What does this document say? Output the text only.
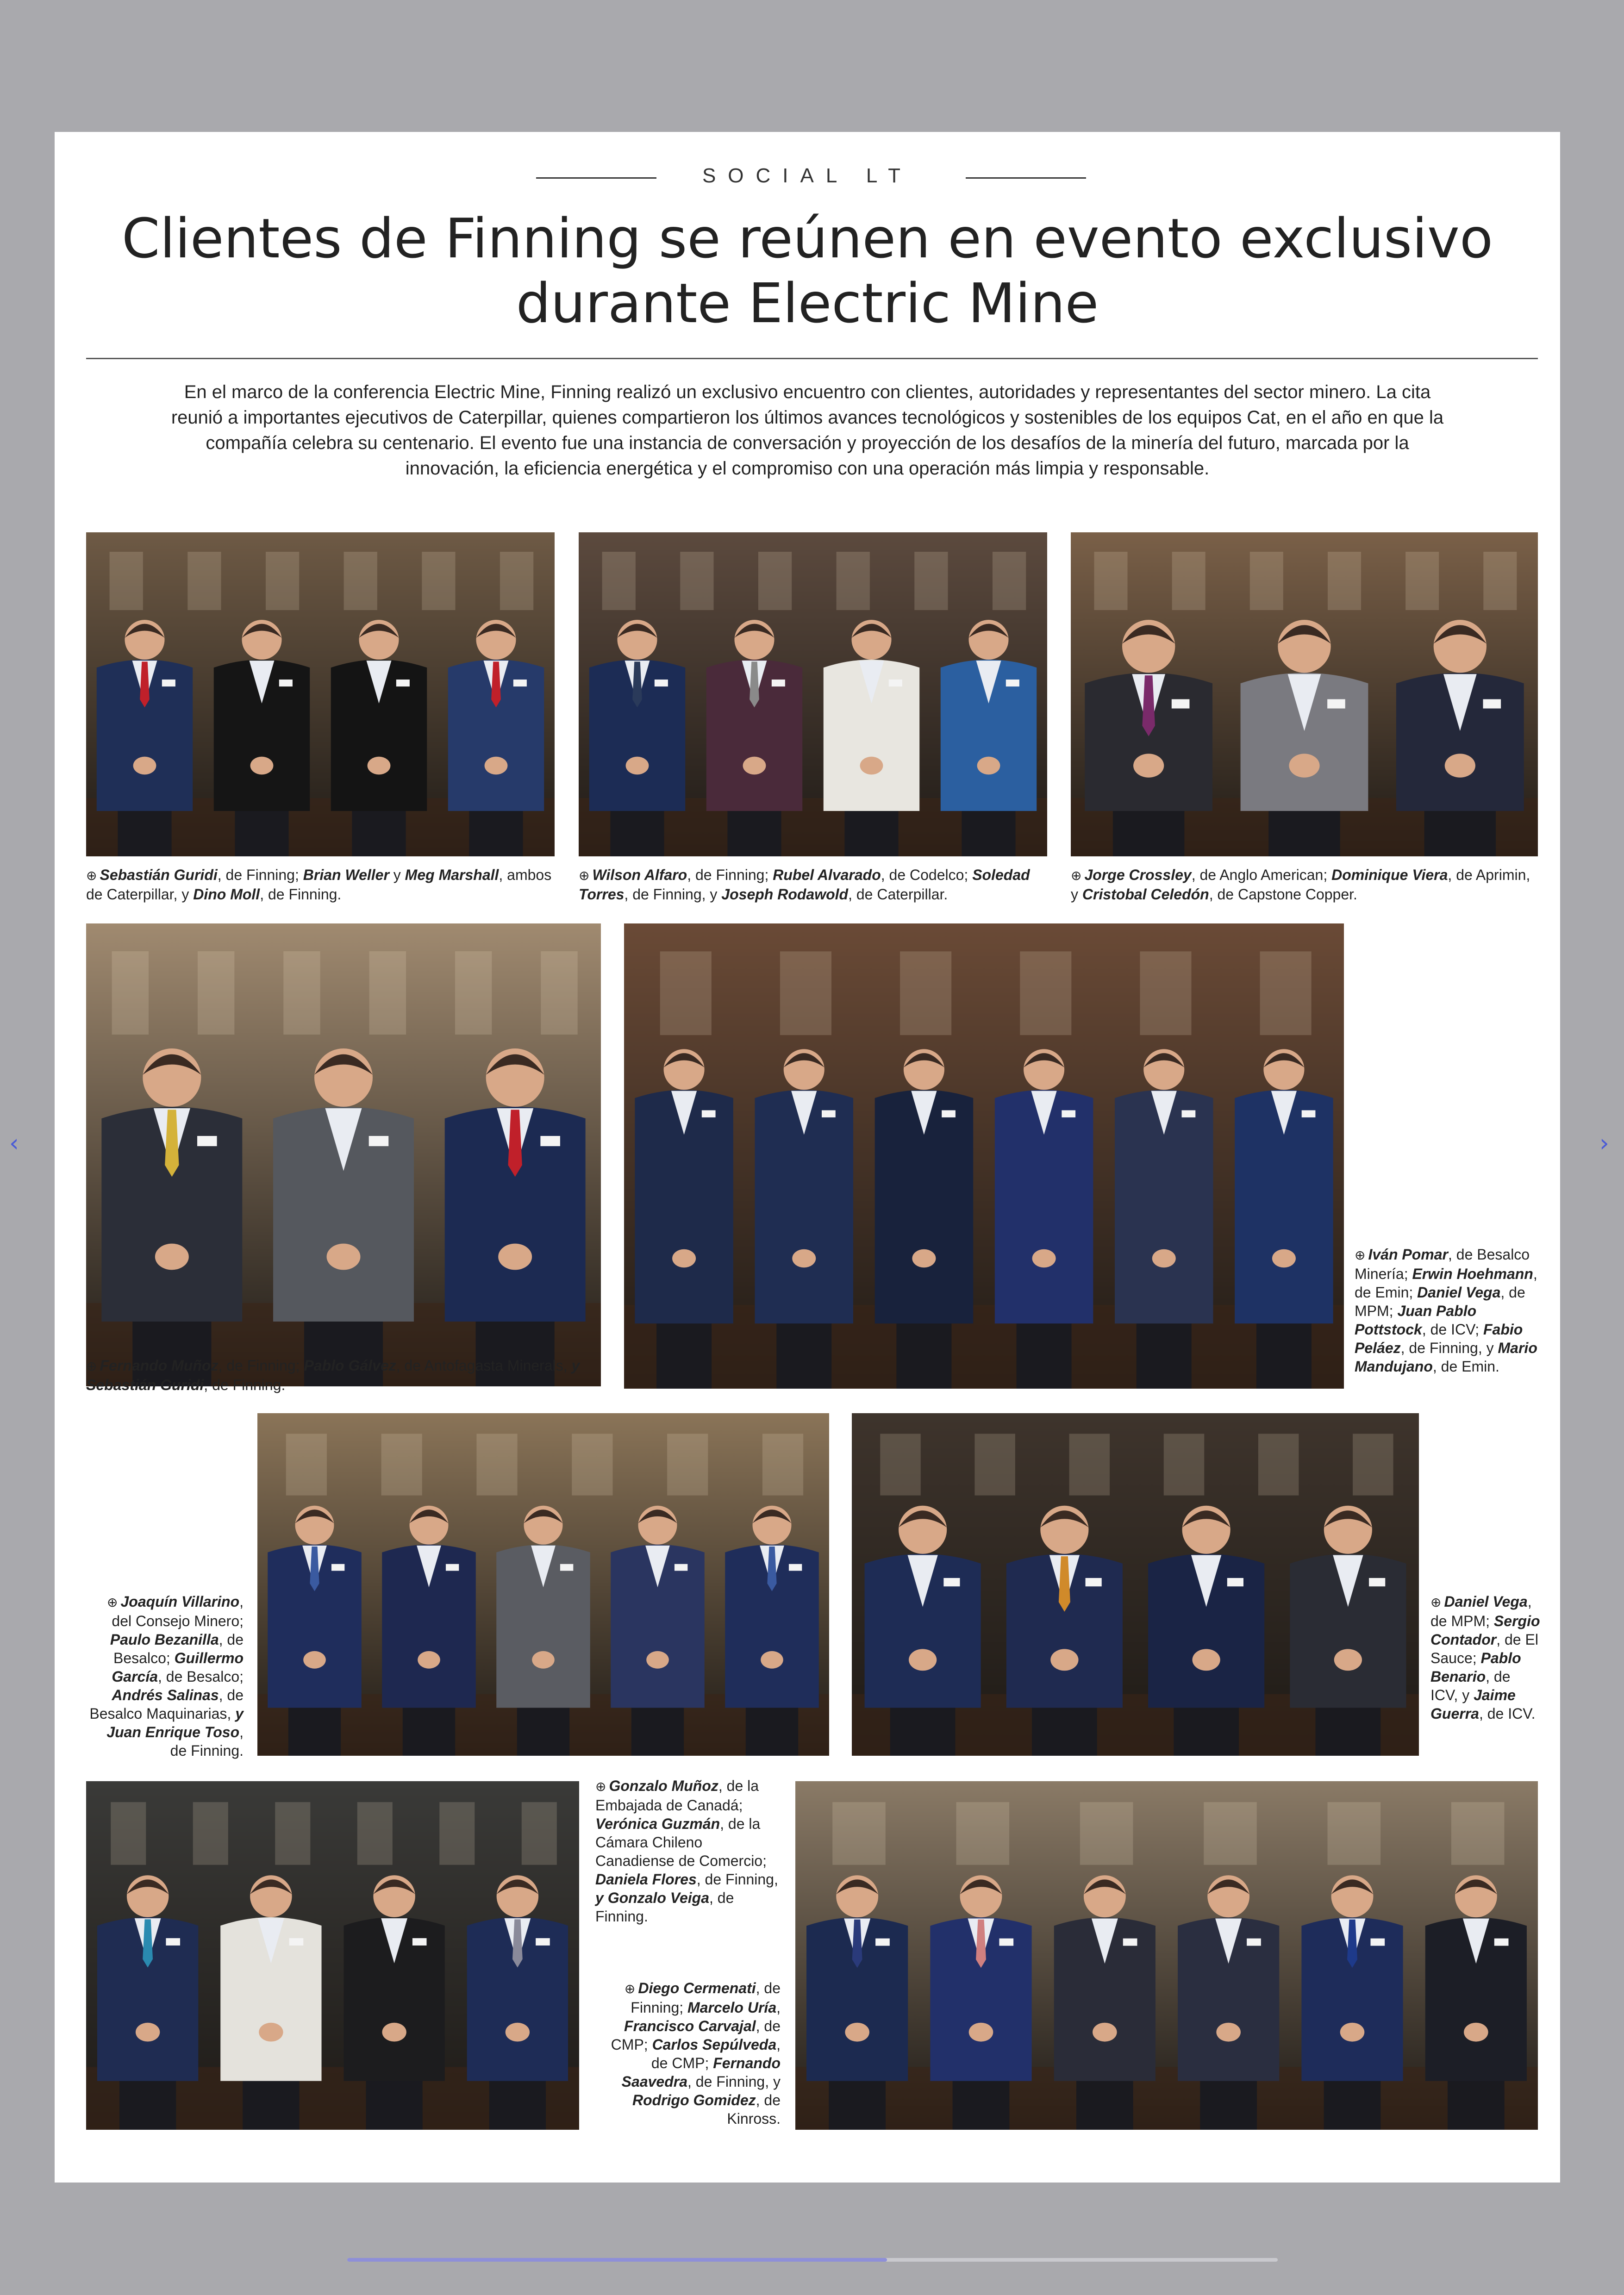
SOCIAL LT
Clientes de Finning se reúnen en evento exclusivo
durante Electric Mine
En el marco de la conferencia Electric Mine, Finning realizó un exclusivo encuentro con clientes, autoridades y representantes del sector minero. La cita reunió a importantes ejecutivos de Caterpillar, quienes compartieron los últimos avances tecnológicos y sostenibles de los equipos Cat, en el año en que la compañía celebra su centenario. El evento fue una instancia de conversación y proyección de los desafíos de la minería del futuro, marcada por la innovación, la eficiencia energética y el compromiso con una operación más limpia y responsable.
⊕ Sebastián Guridi, de Finning; Brian Weller y Meg Marshall, ambos de Caterpillar, y Dino Moll, de Finning.
⊕ Wilson Alfaro, de Finning; Rubel Alvarado, de Codelco; Soledad Torres, de Finning, y Joseph Rodawold, de Caterpillar.
⊕ Jorge Crossley, de Anglo American; Dominique Viera, de Aprimin, y Cristobal Celedón, de Capstone Copper.
⊕ Fernando Muñoz, de Finning; Pablo Gálvez, de Antofagasta Minerals, y Sebastián Guridi, de Finning.
⊕ Iván Pomar, de Besalco Minería; Erwin Hoehmann, de Emin; Daniel Vega, de MPM; Juan Pablo Pottstock, de ICV; Fabio Peláez, de Finning, y Mario Mandujano, de Emin.
⊕ Joaquín Villarino, del Consejo Minero; Paulo Bezanilla, de Besalco; Guillermo García, de Besalco; Andrés Salinas, de Besalco Maquinarias, y Juan Enrique Toso, de Finning.
⊕ Daniel Vega, de MPM; Sergio Contador, de El Sauce; Pablo Benario, de ICV, y Jaime Guerra, de ICV.
⊕ Gonzalo Muñoz, de la Embajada de Canadá; Verónica Guzmán, de la Cámara Chileno Canadiense de Comercio; Daniela Flores, de Finning, y Gonzalo Veiga, de Finning.
⊕ Diego Cermenati, de Finning; Marcelo Uría, Francisco Carvajal, de CMP; Carlos Sepúlveda, de CMP; Fernando Saavedra, de Finning, y Rodrigo Gomidez, de Kinross.
‹	›
